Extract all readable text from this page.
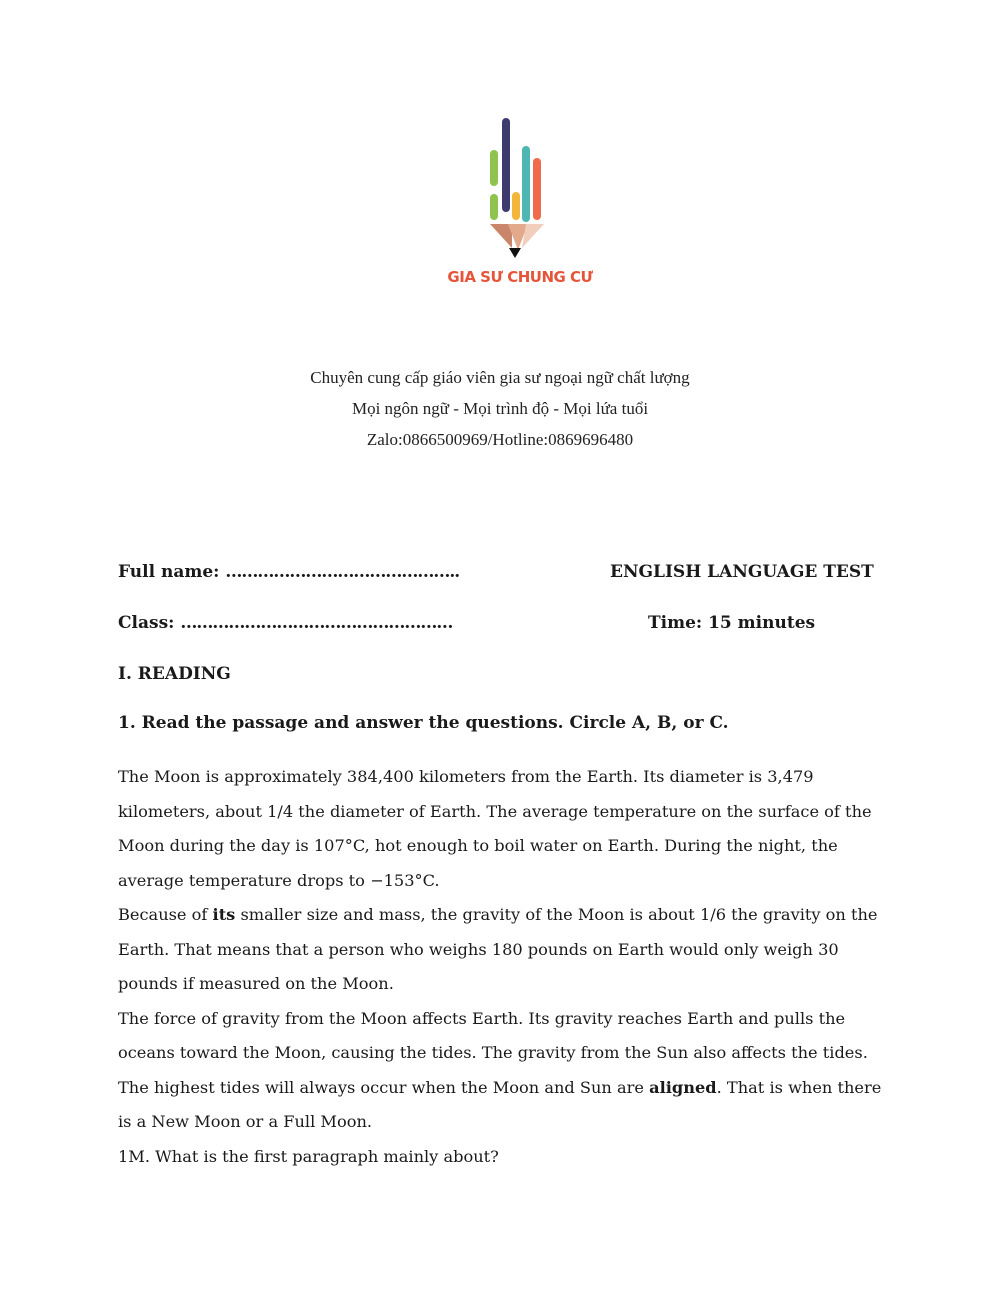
GIA SƯ CHUNG CƯ
Chuyên cung cấp giáo viên gia sư ngoại ngữ chất lượng
Mọi ngôn ngữ - Mọi trình độ - Mọi lứa tuổi
Zalo:0866500969/Hotline:0869696480
Full name: ……………………………………..	ENGLISH LANGUAGE TEST
Class: ……………………………………………	Time: 15 minutes
I. READING
1. Read the passage and answer the questions. Circle A, B, or C.

The Moon is approximately 384,400 kilometers from the Earth. Its diameter is 3,479 kilometers, about 1/4 the diameter of Earth. The average temperature on the surface of the Moon during the day is 107°C, hot enough to boil water on Earth. During the night, the average temperature drops to −153°C.

Because of its smaller size and mass, the gravity of the Moon is about 1/6 the gravity on the Earth. That means that a person who weighs 180 pounds on Earth would only weigh 30 pounds if measured on the Moon.

The force of gravity from the Moon affects Earth. Its gravity reaches Earth and pulls the oceans toward the Moon, causing the tides. The gravity from the Sun also affects the tides. The highest tides will always occur when the Moon and Sun are aligned. That is when there is a New Moon or a Full Moon.

1M. What is the first paragraph mainly about?
